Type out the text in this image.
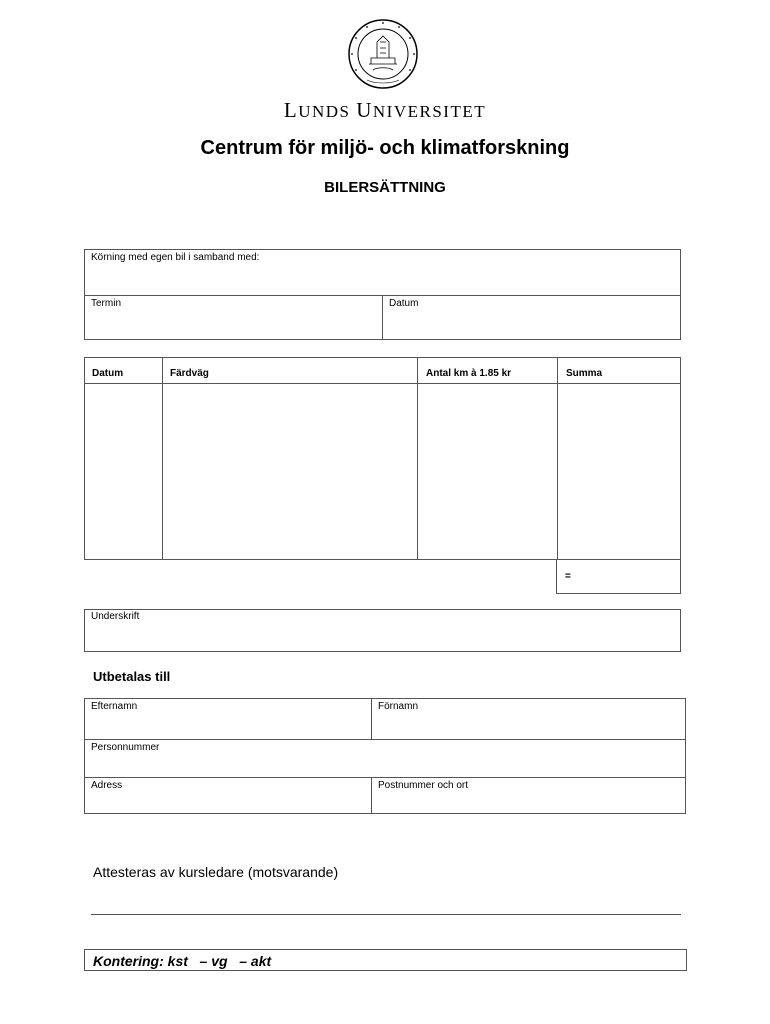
LUNDS UNIVERSITET
Centrum för miljö- och klimatforskning
BILERSÄTTNING
Körning med egen bil i samband med:
Termin	Datum
Datum	Färdväg	Antal km à 1.85 kr	Summa
=
Underskrift
Utbetalas till
Efternamn	Förnamn
Personnummer
Adress	Postnummer och ort
Attesteras av kursledare (motsvarande)
Kontering: kst   – vg   – akt
